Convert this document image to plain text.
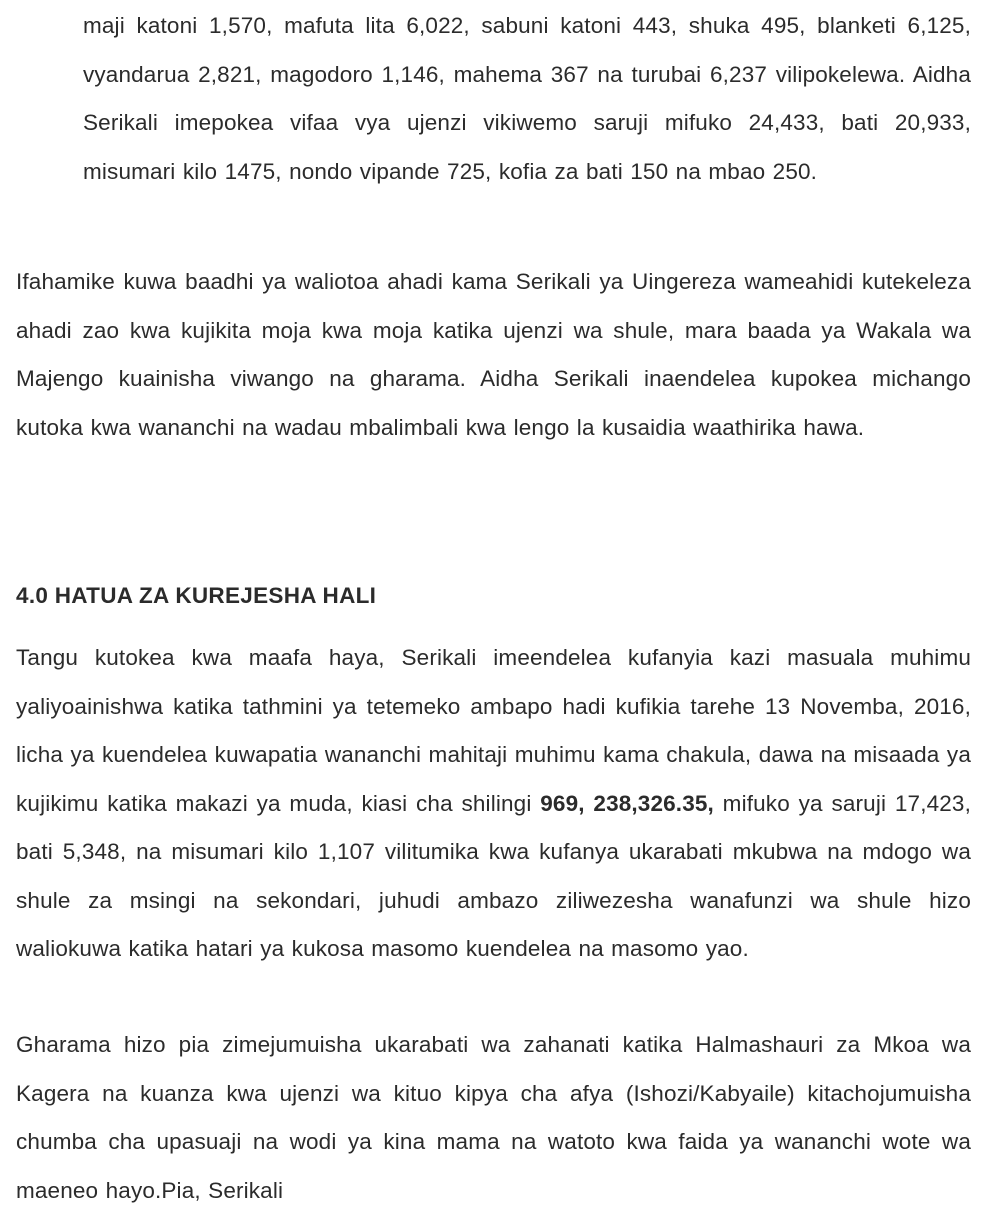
maji katoni 1,570, mafuta lita 6,022, sabuni katoni 443, shuka 495, blanketi 6,125, vyandarua 2,821, magodoro 1,146, mahema 367 na turubai 6,237 vilipokelewa. Aidha Serikali imepokea vifaa vya ujenzi vikiwemo saruji mifuko 24,433, bati 20,933, misumari kilo 1475, nondo vipande 725, kofia za bati 150 na mbao 250.

Ifahamike kuwa baadhi ya waliotoa ahadi kama Serikali ya Uingereza wameahidi kutekeleza ahadi zao kwa kujikita moja kwa moja katika ujenzi wa shule, mara baada ya Wakala wa Majengo kuainisha viwango na gharama. Aidha Serikali inaendelea kupokea michango kutoka kwa wananchi na wadau mbalimbali kwa lengo la kusaidia waathirika hawa.

4.0 HATUA ZA KUREJESHA HALI

Tangu kutokea kwa maafa haya, Serikali imeendelea kufanyia kazi masuala muhimu yaliyoainishwa katika tathmini ya tetemeko ambapo hadi kufikia tarehe 13 Novemba, 2016, licha ya kuendelea kuwapatia wananchi mahitaji muhimu kama chakula, dawa na misaada ya kujikimu katika makazi ya muda, kiasi cha shilingi 969, 238,326.35, mifuko ya saruji 17,423, bati 5,348, na misumari kilo 1,107 vilitumika kwa kufanya ukarabati mkubwa na mdogo wa shule za msingi na sekondari, juhudi ambazo ziliwezesha wanafunzi wa shule hizo waliokuwa katika hatari ya kukosa masomo kuendelea na masomo yao.

Gharama hizo pia zimejumuisha ukarabati wa zahanati katika Halmashauri za Mkoa wa Kagera na kuanza kwa ujenzi wa kituo kipya cha afya (Ishozi/Kabyaile) kitachojumuisha chumba cha upasuaji na wodi ya kina mama na watoto kwa faida ya wananchi wote wa maeneo hayo.Pia, Serikali
